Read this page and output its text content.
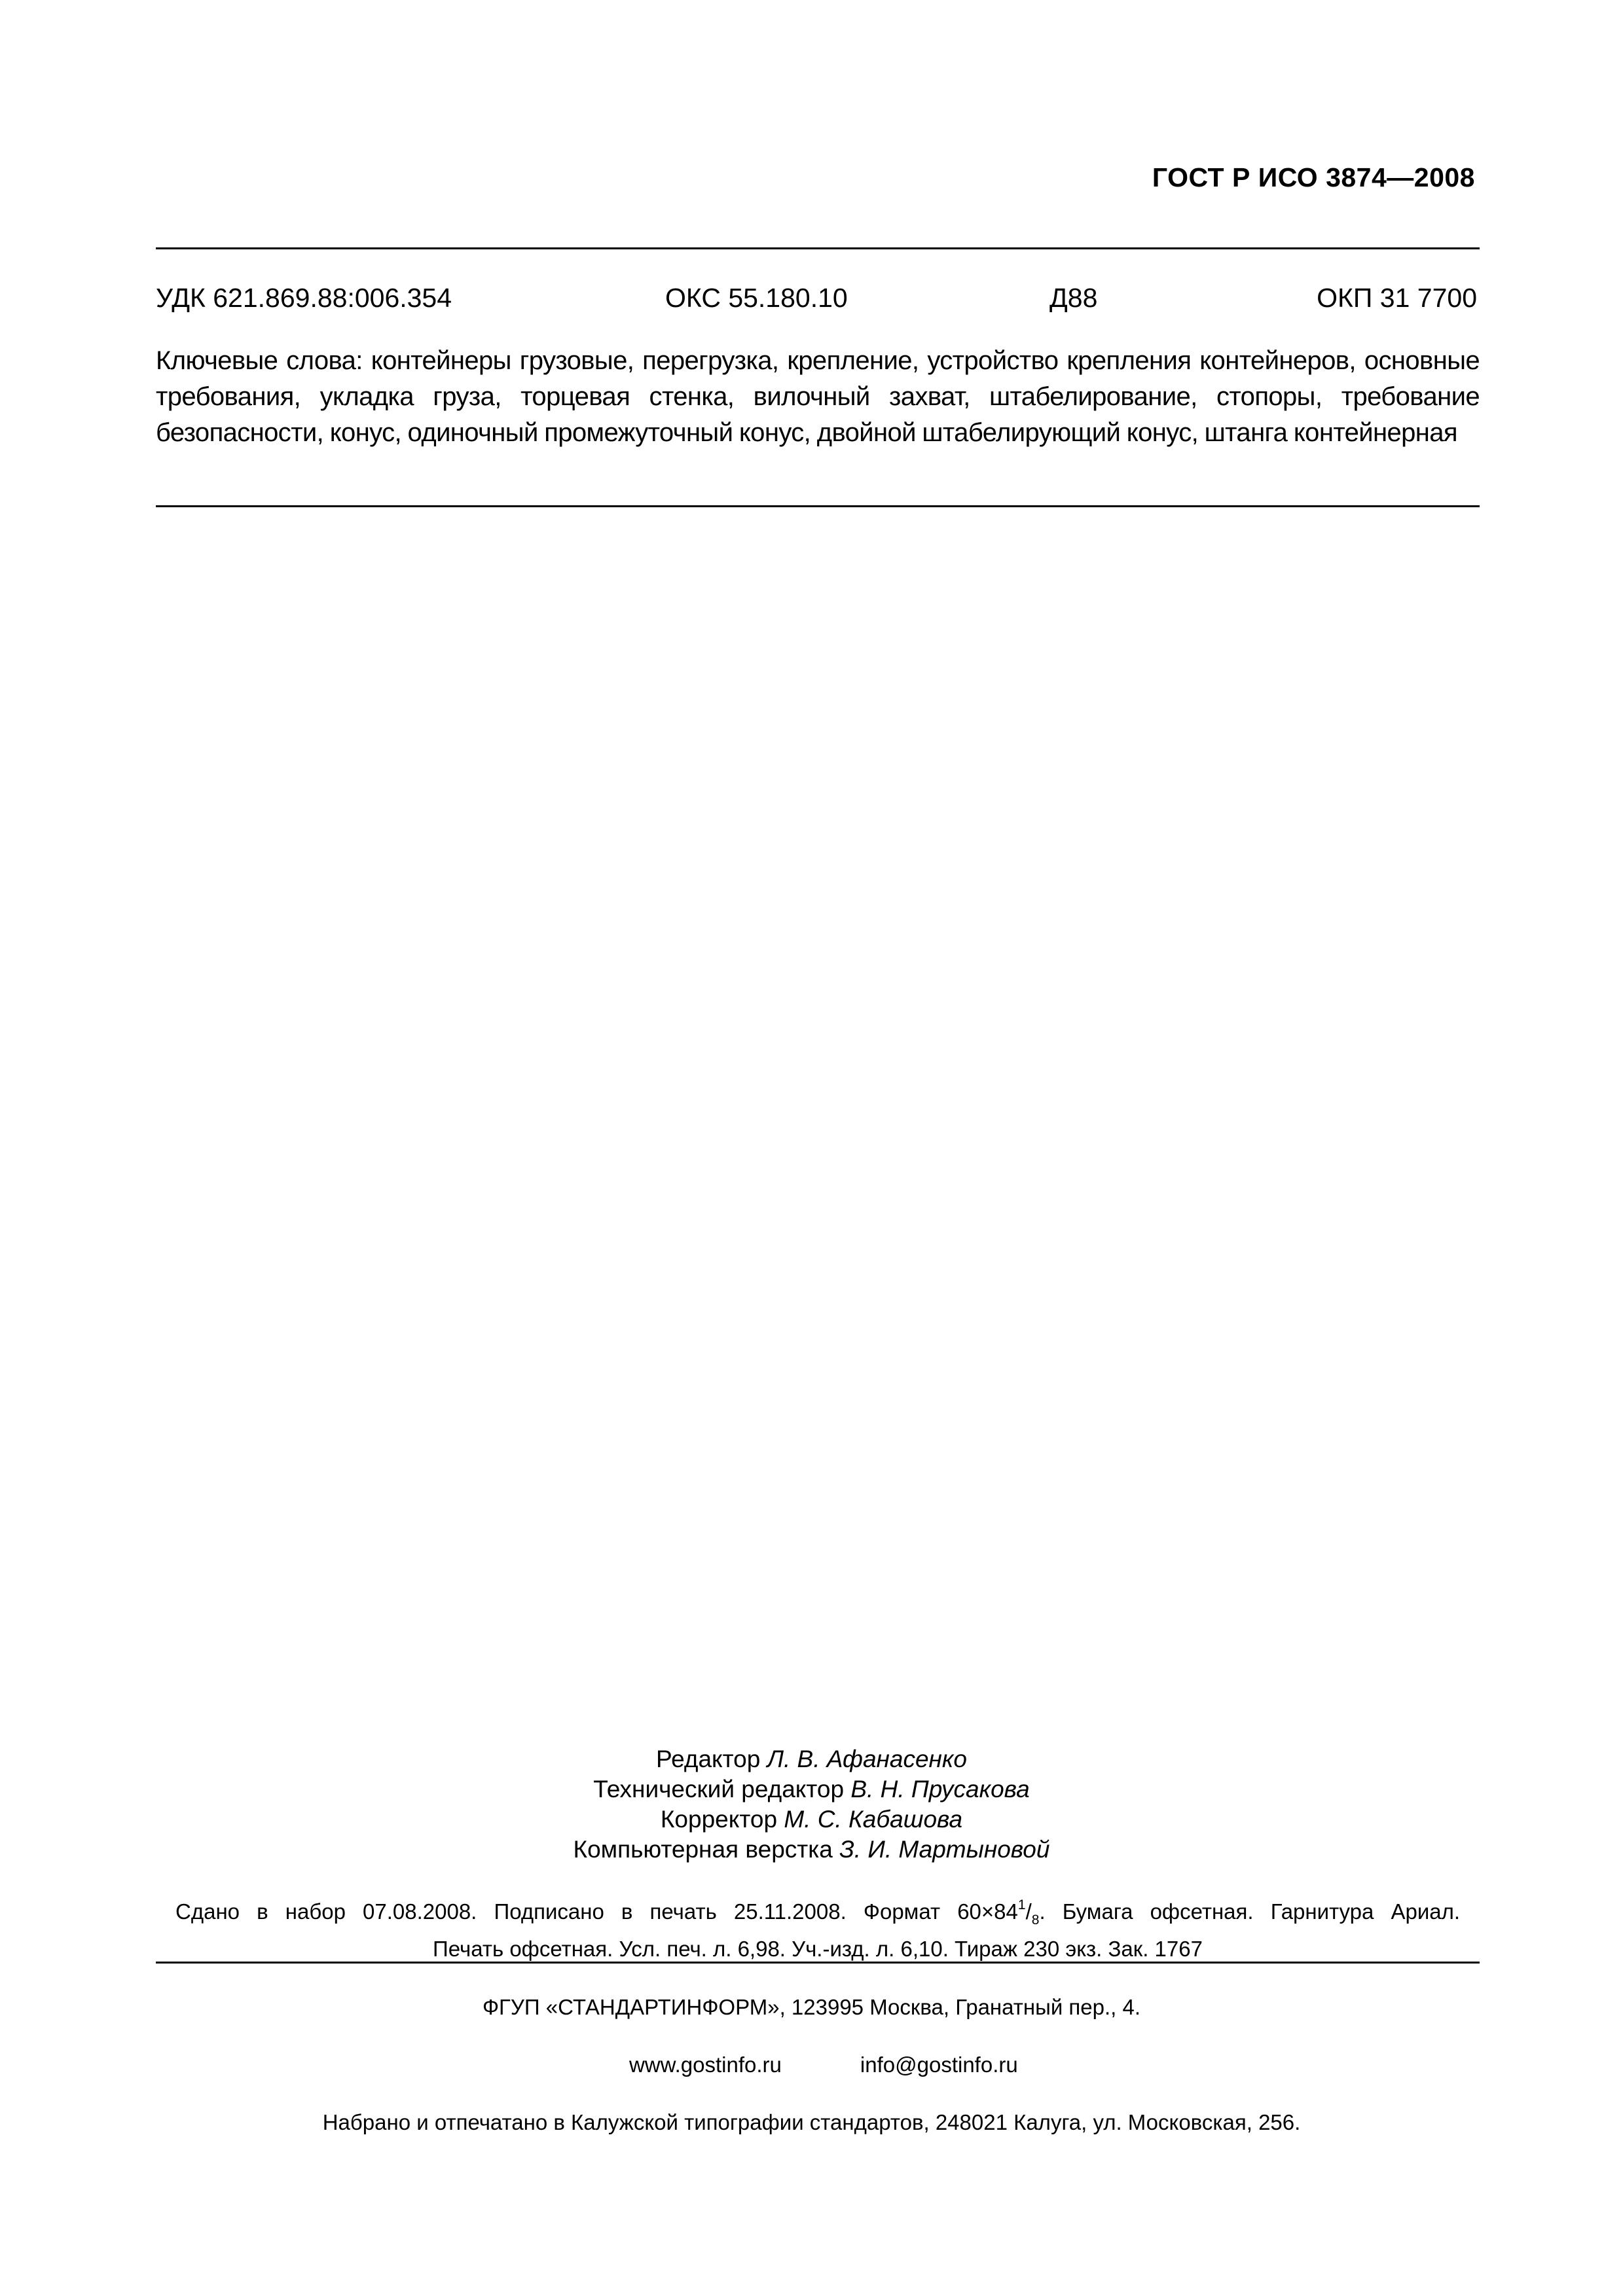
ГОСТ Р ИСО 3874—2008
УДК 621.869.88:006.354	ОКС 55.180.10	Д88	ОКП 31 7700
Ключевые слова: контейнеры грузовые, перегрузка, крепление, устройство крепления контейнеров, основные требования, укладка груза, торцевая стенка, вилочный захват, штабелирование, стопоры, требование безопасности, конус, одиночный промежуточный конус, двойной штабелирующий конус, штанга контейнерная
Редактор Л. В. Афанасенко
Технический редактор В. Н. Прусакова
Корректор М. С. Кабашова
Компьютерная верстка З. И. Мартыновой
Сдано в набор 07.08.2008. Подписано в печать 25.11.2008. Формат $60\times 84^1/_8$. Бумага офсетная. Гарнитура Ариал.
Печать офсетная. Усл. печ. л. 6,98. Уч.-изд. л. 6,10. Тираж 230 экз. Зак. 1767
ФГУП «СТАНДАРТИНФОРМ», 123995 Москва, Гранатный пер., 4.

www.gostinfo.ru	info@gostinfo.ru

Набрано и отпечатано в Калужской типографии стандартов, 248021 Калуга, ул. Московская, 256.
